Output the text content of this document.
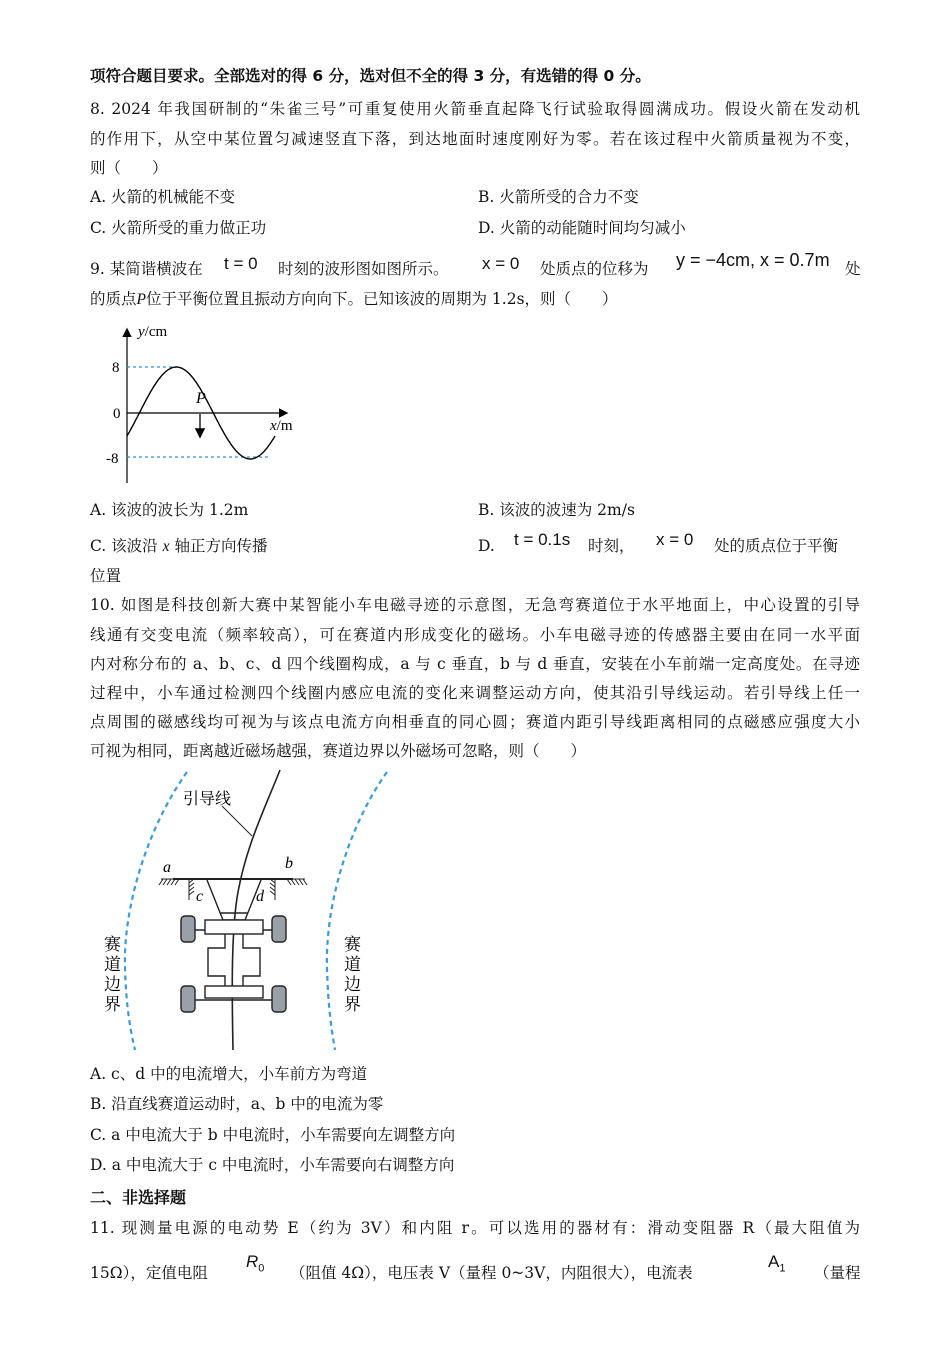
项符合题目要求。全部选对的得 6 分，选对但不全的得 3 分，有选错的得 0 分。
8. 2024 年我国研制的“朱雀三号”可重复使用火箭垂直起降飞行试验取得圆满成功。假设火箭在发动机
的作用下，从空中某位置匀减速竖直下落，到达地面时速度刚好为零。若在该过程中火箭质量视为不变，
则（　　）
A. 火箭的机械能不变	B. 火箭所受的合力不变
C. 火箭所受的重力做正功	D. 火箭的动能随时间均匀减小
9. 某简谐横波在 t = 0 时刻的波形图如图所示。 x = 0 处质点的位移为 y = −4cm, x = 0.7m 处
的质点P位于平衡位置且振动方向向下。已知该波的周期为 1.2s，则（　　）
y/cm
x/m
8
0
-8
P
A. 该波的波长为 1.2m	B. 该波的波速为 2m/s
C. 该波沿 x 轴正方向传播	D. t = 0.1s 时刻， x = 0 处的质点位于平衡
位置
10. 如图是科技创新大赛中某智能小车电磁寻迹的示意图，无急弯赛道位于水平地面上，中心设置的引导
线通有交变电流（频率较高），可在赛道内形成变化的磁场。小车电磁寻迹的传感器主要由在同一水平面
内对称分布的 a、b、c、d 四个线圈构成，a 与 c 垂直，b 与 d 垂直，安装在小车前端一定高度处。在寻迹
过程中，小车通过检测四个线圈内感应电流的变化来调整运动方向，使其沿引导线运动。若引导线上任一
点周围的磁感线均可视为与该点电流方向相垂直的同心圆；赛道内距引导线距离相同的点磁感应强度大小
可视为相同，距离越近磁场越强，赛道边界以外磁场可忽略，则（　　）
引导线
a	b
c	d
赛
道
边
界
赛
道
边
界
A. c、d 中的电流增大，小车前方为弯道
B. 沿直线赛道运动时，a、b 中的电流为零
C. a 中电流大于 b 中电流时，小车需要向左调整方向
D. a 中电流大于 c 中电流时，小车需要向右调整方向
二、非选择题
11. 现测量电源的电动势 E（约为 3V）和内阻 r。可以选用的器材有：滑动变阻器 R（最大阻值为
15Ω），定值电阻
$R_0$ （阻值 4Ω），电压表 V（量程 0~3V，内阻很大），电流表
$A_1$ （量程
